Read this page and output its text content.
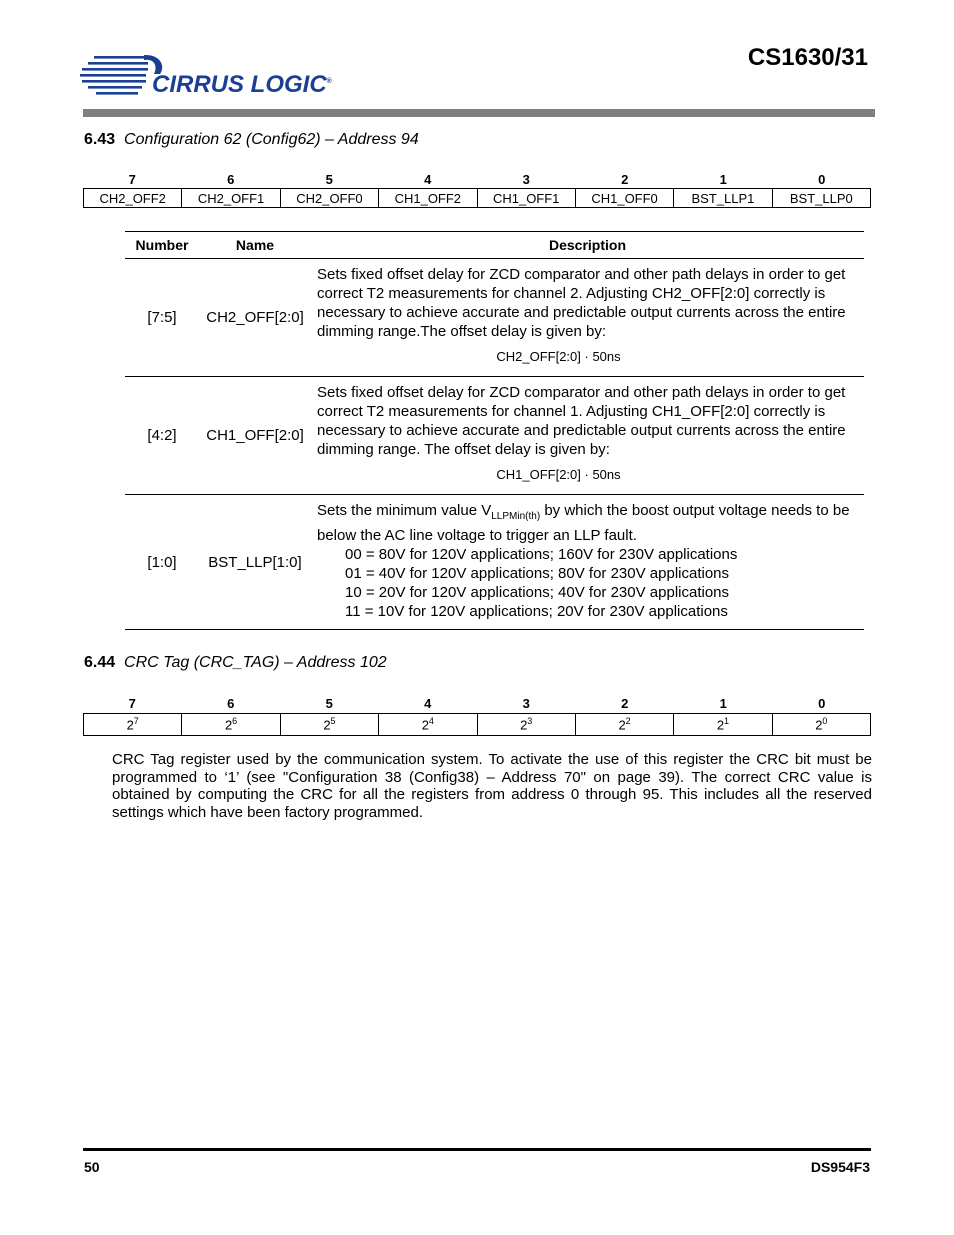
CIRRUS LOGIC®
CS1630/31
6.43 Configuration 62 (Config62) – Address 94
7	6	5	4	3	2	1	0
CH2_OFF2	CH2_OFF1	CH2_OFF0	CH1_OFF2	CH1_OFF1	CH1_OFF0	BST_LLP1	BST_LLP0
Number	Name	Description
[7:5]	CH2_OFF[2:0]	Sets fixed offset delay for ZCD comparator and other path delays in order to get correct T2 measurements for channel 2. Adjusting CH2_OFF[2:0] correctly is necessary to achieve accurate and predictable output currents across the entire dimming range.The offset delay is given by:
CH2_OFF[2:0] · 50ns

[4:2]	CH1_OFF[2:0]	Sets fixed offset delay for ZCD comparator and other path delays in order to get correct T2 measurements for channel 1. Adjusting CH1_OFF[2:0] correctly is necessary to achieve accurate and predictable output currents across the entire dimming range. The offset delay is given by:
CH1_OFF[2:0] · 50ns

[1:0]	BST_LLP[1:0]	Sets the minimum value $V_{LLPMin(th)}$ by which the boost output voltage needs to be below the AC line voltage to trigger an LLP fault.
00 = 80V for 120V applications; 160V for 230V applications
01 = 40V for 120V applications; 80V for 230V applications
10 = 20V for 120V applications; 40V for 230V applications
11 = 10V for 120V applications; 20V for 230V applications
6.44 CRC Tag (CRC_TAG) – Address 102
7	6	5	4	3	2	1	0
$2^7$	$2^6$	$2^5$	$2^4$	$2^3$	$2^2$	$2^1$	$2^0$
CRC Tag register used by the communication system. To activate the use of this register the CRC bit must be programmed to ‘1’ (see "Configuration 38 (Config38) – Address 70" on page 39). The correct CRC value is obtained by computing the CRC for all the registers from address 0 through 95. This includes all the reserved settings which have been factory programmed.
50	DS954F3
